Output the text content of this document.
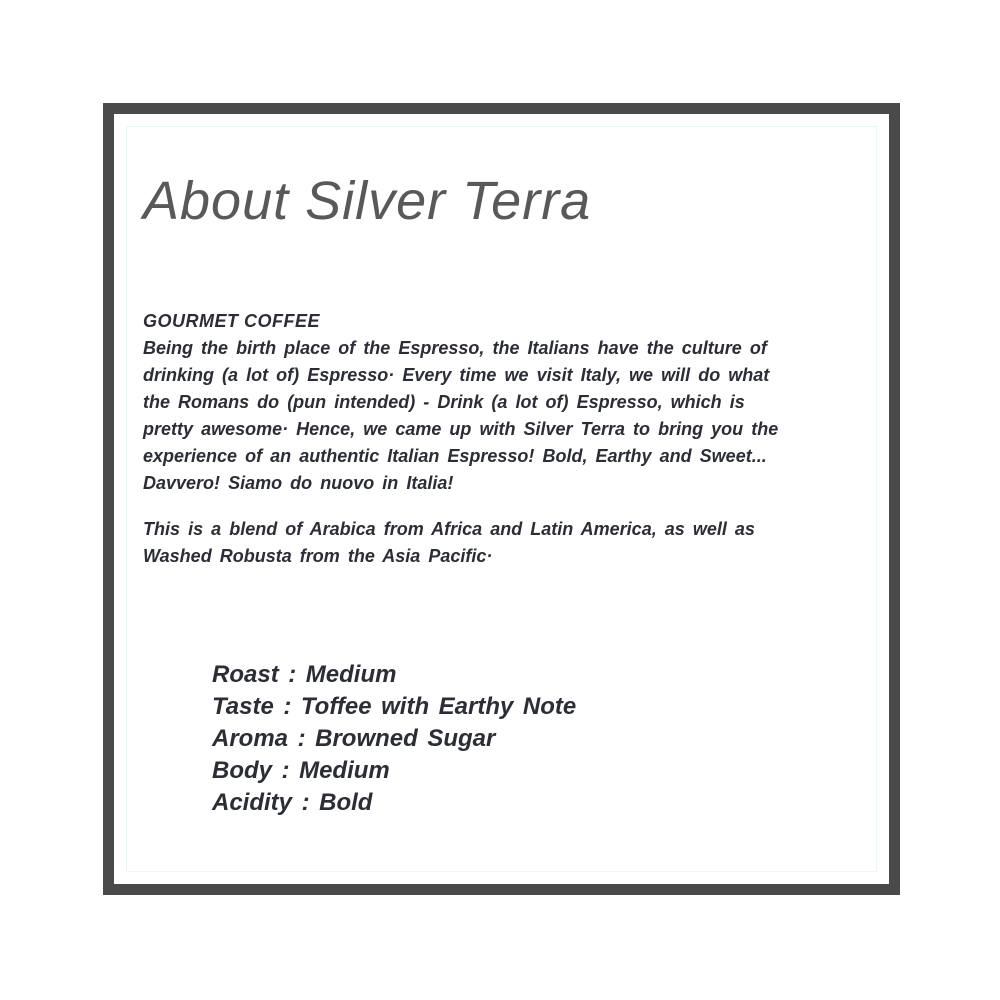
About Silver Terra
GOURMET COFFEE
Being the birth place of the Espresso, the Italians have the culture of
drinking (a lot of) Espresso· Every time we visit Italy, we will do what
the Romans do (pun intended) - Drink (a lot of) Espresso, which is
pretty awesome· Hence, we came up with Silver Terra to bring you the
experience of an authentic Italian Espresso! Bold, Earthy and Sweet...
Davvero! Siamo do nuovo in Italia!
This is a blend of Arabica from Africa and Latin America, as well as
Washed Robusta from the Asia Pacific·
Roast : Medium
Taste : Toffee with Earthy Note
Aroma : Browned Sugar
Body : Medium
Acidity : Bold
